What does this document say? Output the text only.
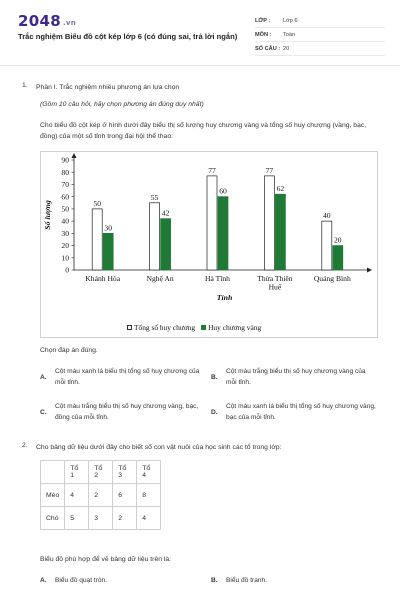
2048 .vn
Trắc nghiệm Biểu đồ cột kép lớp 6 (có đúng sai, trả lời ngắn)
LỚP :	Lớp 6
MÔN :	Toán
SỐ CÂU : 20
1. Phần I. Trắc nghiệm nhiều phương án lựa chọn
(Gồm 10 câu hỏi, hãy chọn phương án đúng duy nhất)
Cho biểu đồ cột kép ở hình dưới đây biểu thị số lượng huy chương vàng và tổng số huy chượng (vàng, bạc, đồng) của một số tỉnh trong đại hội thể thao:
0
10
20
30
40
50
60
70
80
90
Số lượng	50
30
Khánh Hòa
55
42
Nghệ An
77
60
Hà Tĩnh
77
62
Thừa Thiên
Huế
40
20
Quảng Bình
Tỉnh
Tổng số huy chương	Huy chương vàng
Chọn đáp án đúng.
A.
Cột màu xanh lá biểu thị tổng số huy chương của mỗi tỉnh.
B.
Cột màu trắng biểu thị số huy chương vàng của mỗi tỉnh.
C.
Cột màu trắng biểu thị số huy chương vàng, bạc, đồng của mỗi tỉnh.
D.
Cột màu xanh lá biểu thị tổng số huy chương vàng, bạc của mỗi tỉnh.
2. Cho bảng dữ liệu dưới đây cho biết số con vật nuôi của học sinh các tổ trong lớp:
	Tổ 1	Tổ 2	Tổ 3	Tổ 4
Mèo	4	2	6	8
Chó	5	3	2	4
Biểu đồ phù hợp để vẽ bảng dữ liệu trên là:
A. Biểu đồ quạt tròn.	B. Biểu đồ tranh.
